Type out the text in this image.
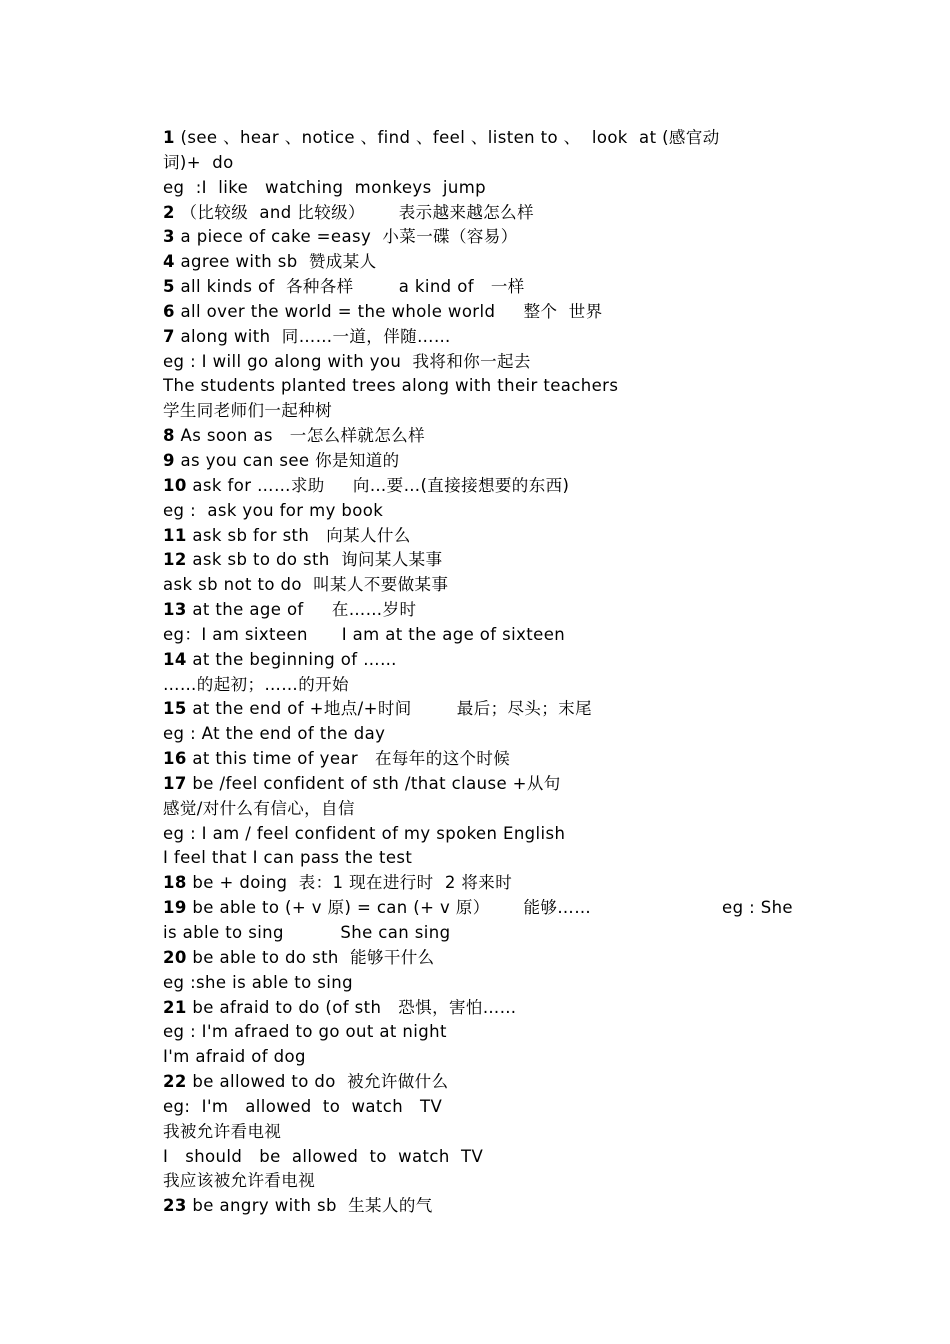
1 (see 、hear 、notice 、find 、feel 、listen to 、  look  at (感官动
词)+  do
eg  :I  like   watching  monkeys  jump
2 （比较级  and 比较级）      表示越来越怎么样
3 a piece of cake =easy  小菜一碟（容易）
4 agree with sb  赞成某人
5 all kinds of  各种各样        a kind of   一样
6 all over the world = the whole world     整个  世界
7 along with  同……一道，伴随……
eg : I will go along with you  我将和你一起去
The students planted trees along with their teachers
学生同老师们一起种树
8 As soon as   一怎么样就怎么样
9 as you can see 你是知道的
10 ask for ……求助     向…要…(直接接想要的东西)
eg :  ask you for my book
11 ask sb for sth   向某人什么
12 ask sb to do sth  询问某人某事
ask sb not to do  叫某人不要做某事
13 at the age of     在……岁时
eg：I am sixteen      I am at the age of sixteen
14 at the beginning of ……
……的起初；……的开始
15 at the end of +地点/+时间        最后；尽头；末尾
eg : At the end of the day
16 at this time of year   在每年的这个时候
17 be /feel confident of sth /that clause +从句
感觉/对什么有信心，自信
eg : I am / feel confident of my spoken English
I feel that I can pass the test
18 be + doing  表：1 现在进行时  2 将来时
eg : She
19 be able to (+ v 原) = can (+ v 原）      能够……
is able to sing          She can sing
20 be able to do sth  能够干什么
eg :she is able to sing
21 be afraid to do (of sth   恐惧，害怕……
eg : I'm afraed to go out at night
I'm afraid of dog
22 be allowed to do  被允许做什么
eg:  I'm   allowed  to  watch   TV
我被允许看电视
I   should   be  allowed  to  watch  TV
我应该被允许看电视
23 be angry with sb  生某人的气
